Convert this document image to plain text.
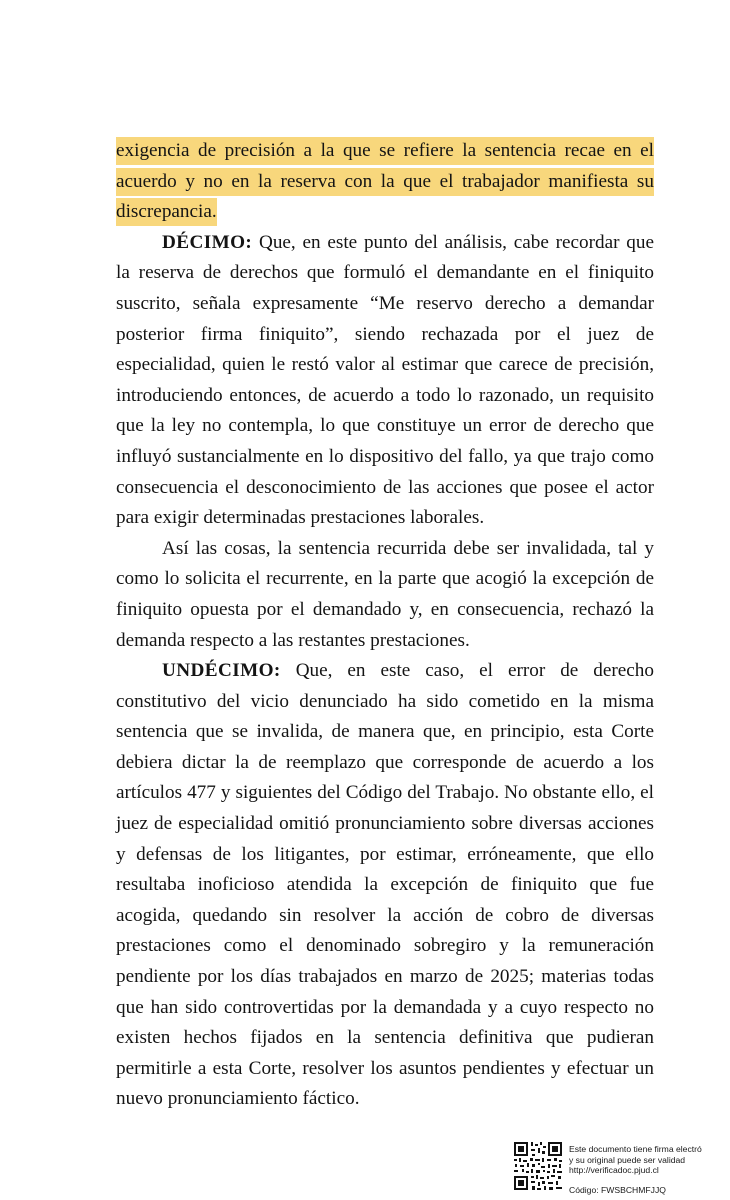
exigencia de precisión a la que se refiere la sentencia recae en el acuerdo y no en la reserva con la que el trabajador manifiesta su discrepancia.

DÉCIMO: Que, en este punto del análisis, cabe recordar que la reserva de derechos que formuló el demandante en el finiquito suscrito, señala expresamente “Me reservo derecho a demandar posterior firma finiquito”, siendo rechazada por el juez de especialidad, quien le restó valor al estimar que carece de precisión, introduciendo entonces, de acuerdo a todo lo razonado, un requisito que la ley no contempla, lo que constituye un error de derecho que influyó sustancialmente en lo dispositivo del fallo, ya que trajo como consecuencia el desconocimiento de las acciones que posee el actor para exigir determinadas prestaciones laborales.

Así las cosas, la sentencia recurrida debe ser invalidada, tal y como lo solicita el recurrente, en la parte que acogió la excepción de finiquito opuesta por el demandado y, en consecuencia, rechazó la demanda respecto a las restantes prestaciones.

UNDÉCIMO: Que, en este caso, el error de derecho constitutivo del vicio denunciado ha sido cometido en la misma sentencia que se invalida, de manera que, en principio, esta Corte debiera dictar la de reemplazo que corresponde de acuerdo a los artículos 477 y siguientes del Código del Trabajo. No obstante ello, el juez de especialidad omitió pronunciamiento sobre diversas acciones y defensas de los litigantes, por estimar, erróneamente, que ello resultaba inoficioso atendida la excepción de finiquito que fue acogida, quedando sin resolver la acción de cobro de diversas prestaciones como el denominado sobregiro y la remuneración pendiente por los días trabajados en marzo de 2025; materias todas que han sido controvertidas por la demandada y a cuyo respecto no existen hechos fijados en la sentencia definitiva que pudieran permitirle a esta Corte, resolver los asuntos pendientes y efectuar un nuevo pronunciamiento fáctico.

Este documento tiene firma electró
y su original puede ser validad
http://verificadoc.pjud.cl
Código: FWSBCHMFJJQ
